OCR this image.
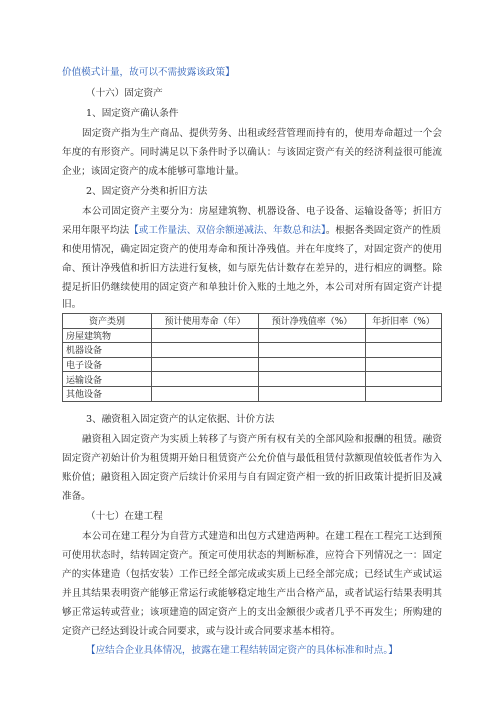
价值模式计量，故可以不需披露该政策】
（十六）固定资产
1、固定资产确认条件
固定资产指为生产商品、提供劳务、出租或经营管理而持有的，使用寿命超过一个会
年度的有形资产。同时满足以下条件时予以确认：与该固定资产有关的经济利益很可能流
企业；该固定资产的成本能够可靠地计量。
2、固定资产分类和折旧方法
本公司固定资产主要分为：房屋建筑物、机器设备、电子设备、运输设备等；折旧方
采用年限平均法【或工作量法、双倍余额递减法、年数总和法】。根据各类固定资产的性质
和使用情况，确定固定资产的使用寿命和预计净残值。并在年度终了，对固定资产的使用
命、预计净残值和折旧方法进行复核，如与原先估计数存在差异的，进行相应的调整。除
提足折旧仍继续使用的固定资产和单独计价入账的土地之外，本公司对所有固定资产计提
旧。
资产类别	预计使用寿命（年）	预计净残值率（%）	年折旧率（%）
房屋建筑物			
机器设备			
电子设备			
运输设备			
其他设备			
3、融资租入固定资产的认定依据、计价方法
融资租入固定资产为实质上转移了与资产所有权有关的全部风险和报酬的租赁。融资
固定资产初始计价为租赁期开始日租赁资产公允价值与最低租赁付款额现值较低者作为入
账价值；融资租入固定资产后续计价采用与自有固定资产相一致的折旧政策计提折旧及减
准备。
（十七）在建工程
本公司在建工程分为自营方式建造和出包方式建造两种。在建工程在工程完工达到预
可使用状态时，结转固定资产。预定可使用状态的判断标准，应符合下列情况之一：固定
产的实体建造（包括安装）工作已经全部完成或实质上已经全部完成；已经试生产或试运
并且其结果表明资产能够正常运行或能够稳定地生产出合格产品，或者试运行结果表明其
够正常运转或营业；该项建造的固定资产上的支出金额很少或者几乎不再发生；所购建的
定资产已经达到设计或合同要求，或与设计或合同要求基本相符。
【应结合企业具体情况，披露在建工程结转固定资产的具体标准和时点。】
